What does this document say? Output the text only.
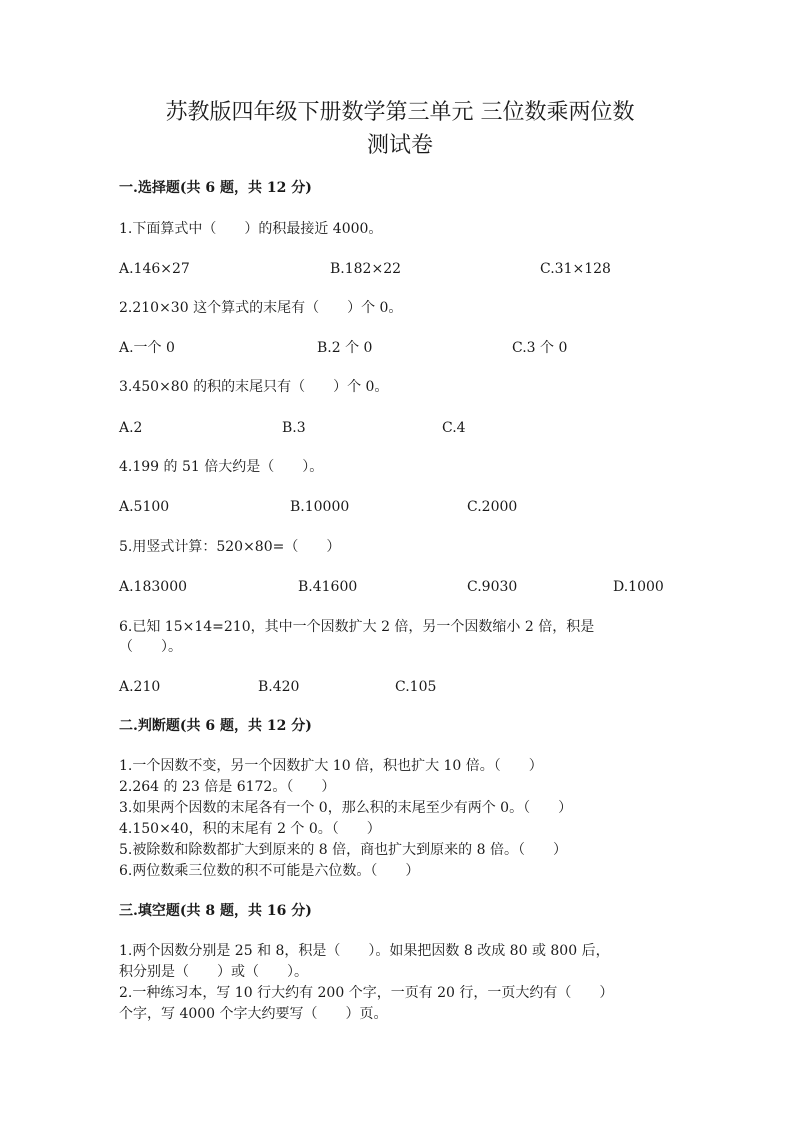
苏教版四年级下册数学第三单元 三位数乘两位数
测试卷
一.选择题(共 6 题，共 12 分)
1.下面算式中（　　）的积最接近 4000。
A.146×27	B.182×22	C.31×128
2.210×30 这个算式的末尾有（　　）个 0。
A.一个 0	B.2 个 0	C.3 个 0
3.450×80 的积的末尾只有（　　）个 0。
A.2	B.3	C.4
4.199 的 51 倍大约是（　　）。
A.5100	B.10000	C.2000
5.用竖式计算：520×80=（　　）
A.183000	B.41600	C.9030	D.1000
6.已知 15×14=210，其中一个因数扩大 2 倍，另一个因数缩小 2 倍，积是
（　　）。
A.210	B.420	C.105
二.判断题(共 6 题，共 12 分)
1.一个因数不变，另一个因数扩大 10 倍，积也扩大 10 倍。（　　）
2.264 的 23 倍是 6172。（　　）
3.如果两个因数的末尾各有一个 0，那么积的末尾至少有两个 0。（　　）
4.150×40，积的末尾有 2 个 0。（　　）
5.被除数和除数都扩大到原来的 8 倍，商也扩大到原来的 8 倍。（　　）
6.两位数乘三位数的积不可能是六位数。（　　）
三.填空题(共 8 题，共 16 分)
1.两个因数分别是 25 和 8，积是（　　）。如果把因数 8 改成 80 或 800 后，
积分别是（　　）或（　　）。
2.一种练习本，写 10 行大约有 200 个字，一页有 20 行，一页大约有（　　）
个字，写 4000 个字大约要写（　　）页。
